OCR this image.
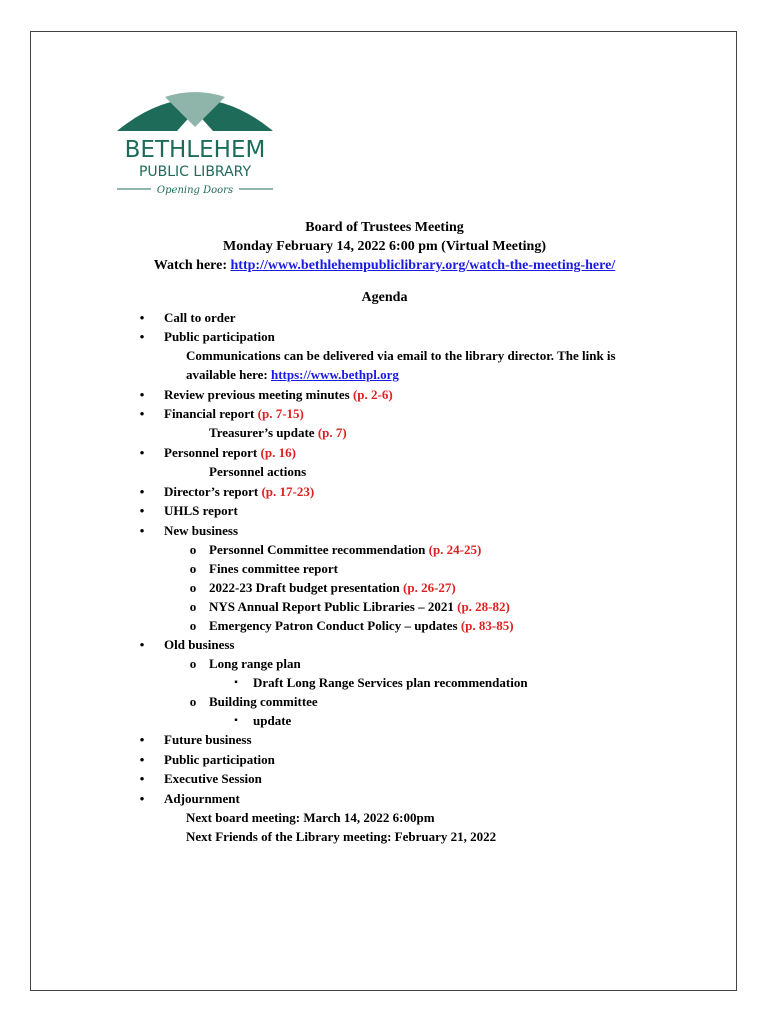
BETHLEHEM
PUBLIC LIBRARY
Opening Doors
Board of Trustees Meeting
Monday February 14, 2022 6:00 pm (Virtual Meeting)
Watch here: http://www.bethlehempubliclibrary.org/watch-the-meeting-here/
Agenda
•	Call to order
•	Public participation
Communications can be delivered via email to the library director. The link is
available here: https://www.bethpl.org
•	Review previous meeting minutes (p. 2-6)
•	Financial report (p. 7-15)
Treasurer’s update (p. 7)
•	Personnel report (p. 16)
Personnel actions
•	Director’s report (p. 17-23)
•	UHLS report
•	New business
o Personnel Committee recommendation (p. 24-25)
o Fines committee report
o 2022-23 Draft budget presentation (p. 26-27)
o NYS Annual Report Public Libraries – 2021 (p. 28-82)
o Emergency Patron Conduct Policy – updates (p. 83-85)
•	Old business
o Long range plan
▪	Draft Long Range Services plan recommendation
o Building committee
▪	update
•	Future business
•	Public participation
•	Executive Session
•	Adjournment
Next board meeting: March 14, 2022 6:00pm
Next Friends of the Library meeting: February 21, 2022
